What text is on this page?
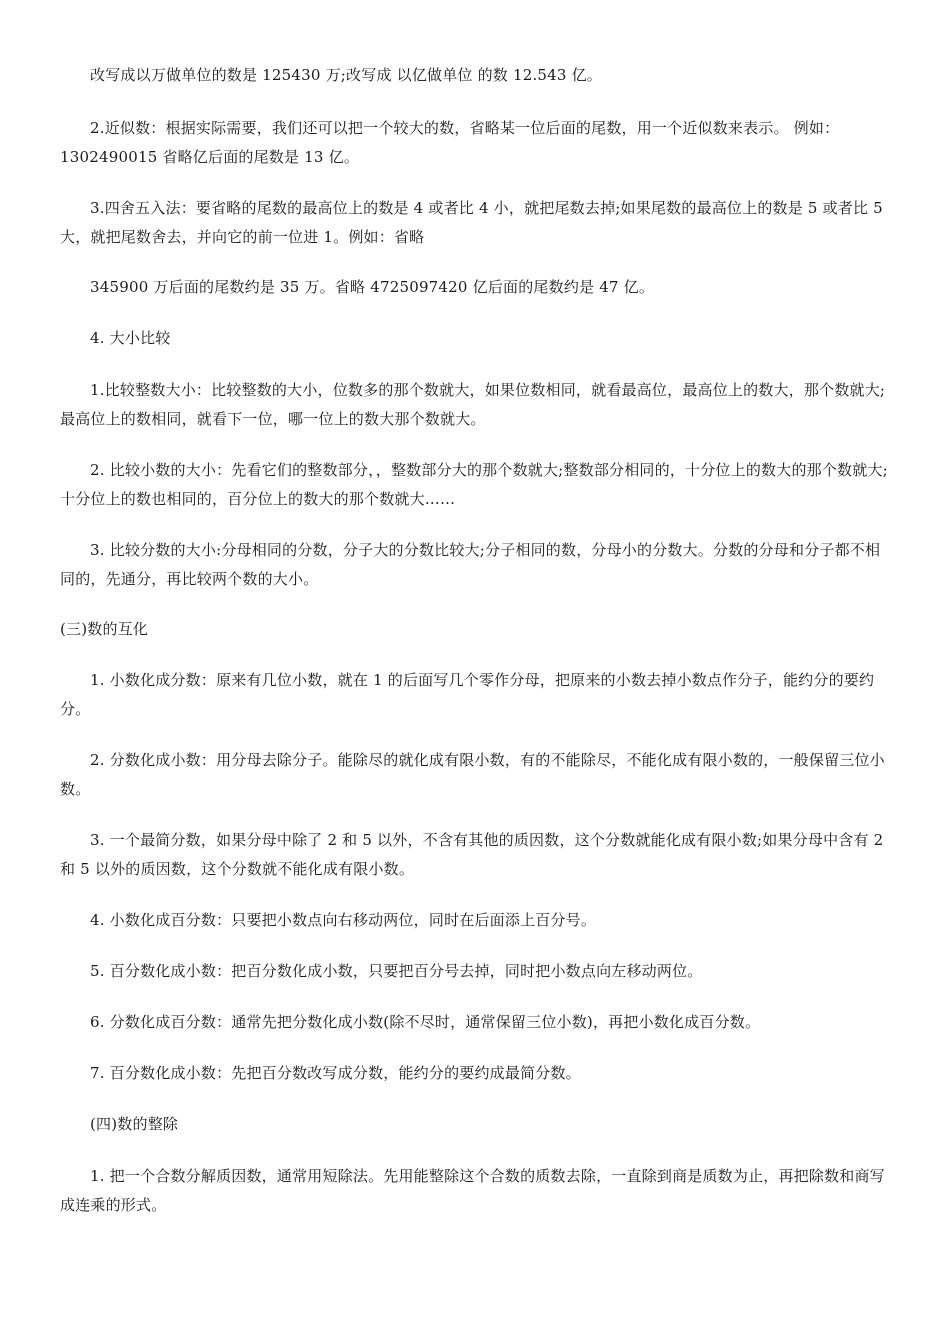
改写成以万做单位的数是 125430 万;改写成 以亿做单位 的数 12.543 亿。

2.近似数：根据实际需要，我们还可以把一个较大的数，省略某一位后面的尾数，用一个近似数来表示。 例如： 1302490015 省略亿后面的尾数是 13 亿。

3.四舍五入法：要省略的尾数的最高位上的数是 4 或者比 4 小，就把尾数去掉;如果尾数的最高位上的数是 5 或者比 5 大，就把尾数舍去，并向它的前一位进 1。例如：省略

345900 万后面的尾数约是 35 万。省略 4725097420 亿后面的尾数约是 47 亿。

4. 大小比较

1.比较整数大小：比较整数的大小，位数多的那个数就大，如果位数相同，就看最高位，最高位上的数大，那个数就大;最高位上的数相同，就看下一位，哪一位上的数大那个数就大。

2. 比较小数的大小：先看它们的整数部分，，整数部分大的那个数就大;整数部分相同的，十分位上的数大的那个数就大;十分位上的数也相同的，百分位上的数大的那个数就大……

3. 比较分数的大小:分母相同的分数，分子大的分数比较大;分子相同的数，分母小的分数大。分数的分母和分子都不相同的，先通分，再比较两个数的大小。

(三)数的互化

1. 小数化成分数：原来有几位小数，就在 1 的后面写几个零作分母，把原来的小数去掉小数点作分子，能约分的要约分。

2. 分数化成小数：用分母去除分子。能除尽的就化成有限小数，有的不能除尽，不能化成有限小数的，一般保留三位小数。

3. 一个最简分数，如果分母中除了 2 和 5 以外，不含有其他的质因数，这个分数就能化成有限小数;如果分母中含有 2 和 5 以外的质因数，这个分数就不能化成有限小数。

4. 小数化成百分数：只要把小数点向右移动两位，同时在后面添上百分号。

5. 百分数化成小数：把百分数化成小数，只要把百分号去掉，同时把小数点向左移动两位。

6. 分数化成百分数：通常先把分数化成小数(除不尽时，通常保留三位小数)，再把小数化成百分数。

7. 百分数化成小数：先把百分数改写成分数，能约分的要约成最简分数。

(四)数的整除

1. 把一个合数分解质因数，通常用短除法。先用能整除这个合数的质数去除，一直除到商是质数为止，再把除数和商写成连乘的形式。
